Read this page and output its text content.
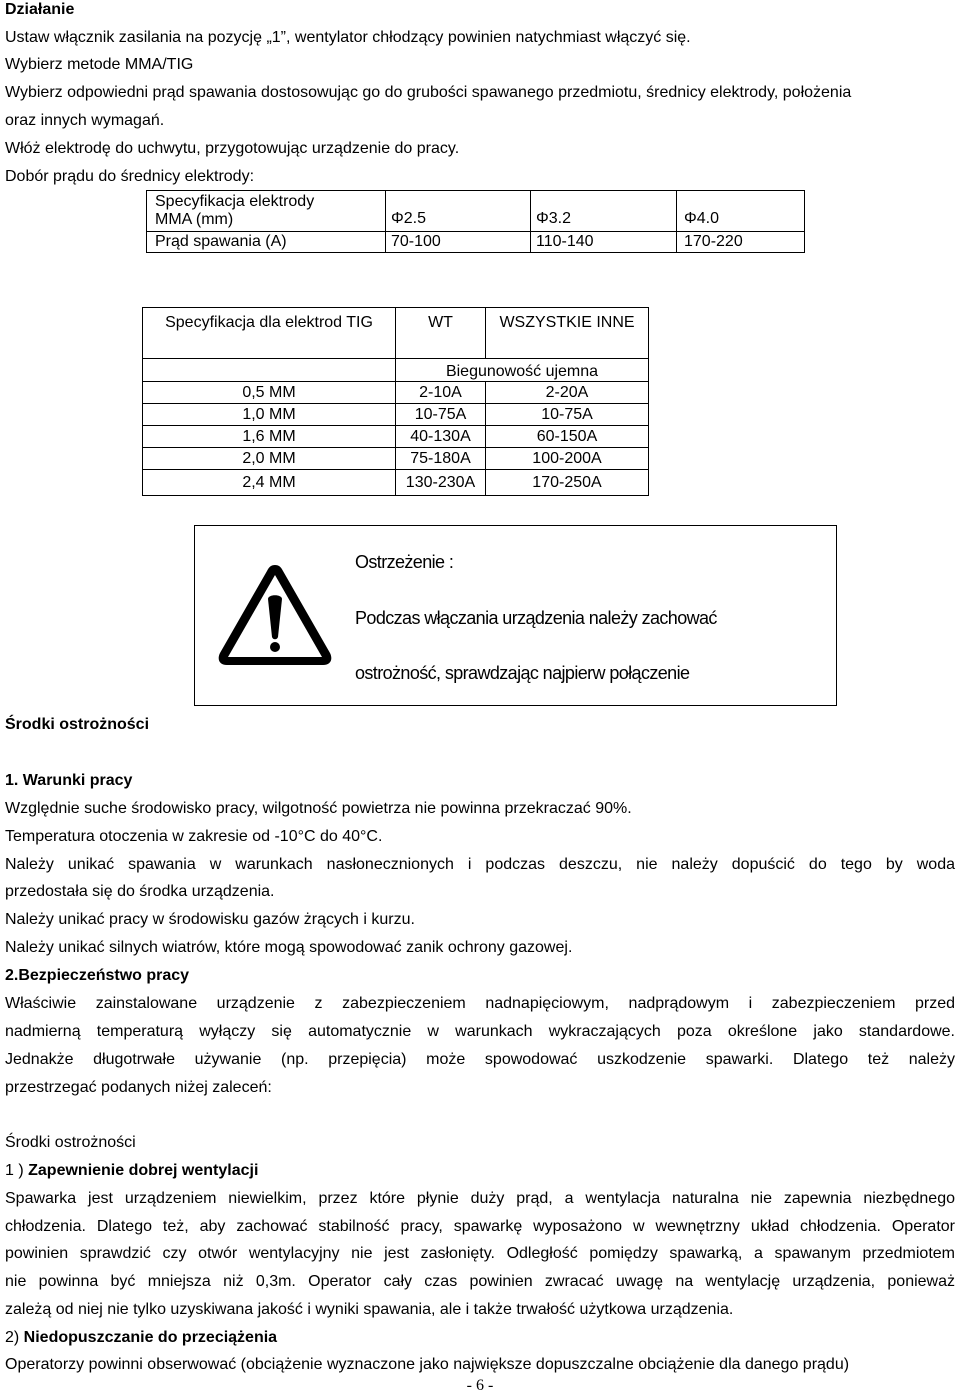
Działanie
Ustaw włącznik zasilania na pozycję „1”, wentylator chłodzący powinien natychmiast włączyć się.
Wybierz metode MMA/TIG
Wybierz odpowiedni prąd spawania dostosowując go do grubości spawanego przedmiotu, średnicy elektrody, położenia
oraz innych wymagań.
Włóż elektrodę do uchwytu, przygotowując urządzenie do pracy.
Dobór prądu do średnicy elektrody:
Specyfikacja elektrody
MMA (mm)	Φ2.5	Φ3.2	Φ4.0
Prąd spawania (A)	70-100	110-140	170-220
Specyfikacja dla elektrod TIG	WT	WSZYSTKIE INNE
	Biegunowość ujemna	
0,5 MM	2-10A	2-20A
1,0 MM	10-75A	10-75A
1,6 MM	40-130A	60-150A
2,0 MM	75-180A	100-200A
2,4 MM	130-230A	170-250A
Ostrzeżenie :
Podczas włączania urządzenia należy zachować
ostrożność, sprawdzając najpierw połączenie
Środki ostrożności
1. Warunki pracy
Względnie suche środowisko pracy, wilgotność powietrza nie powinna przekraczać 90%.
Temperatura otoczenia w zakresie od -10°C do 40°C.
Należy unikać spawania w warunkach nasłonecznionych i podczas deszczu, nie należy dopuścić do tego by woda
przedostała się do środka urządzenia.
Należy unikać pracy w środowisku gazów żrących i kurzu.
Należy unikać silnych wiatrów, które mogą spowodować zanik ochrony gazowej.
2.Bezpieczeństwo pracy
Właściwie zainstalowane urządzenie z zabezpieczeniem nadnapięciowym, nadprądowym i zabezpieczeniem przed
nadmierną temperaturą wyłączy się automatycznie w warunkach wykraczających poza określone jako standardowe.
Jednakże długotrwałe używanie (np. przepięcia) może spowodować uszkodzenie spawarki. Dlatego też należy
przestrzegać podanych niżej zaleceń:
Środki ostrożności
1 ) Zapewnienie dobrej wentylacji
Spawarka jest urządzeniem niewielkim, przez które płynie duży prąd, a wentylacja naturalna nie zapewnia niezbędnego
chłodzenia. Dlatego też, aby zachować stabilność pracy, spawarkę wyposażono w wewnętrzny układ chłodzenia. Operator
powinien sprawdzić czy otwór wentylacyjny nie jest zasłonięty. Odległość pomiędzy spawarką, a spawanym przedmiotem
nie powinna być mniejsza niż 0,3m. Operator cały czas powinien zwracać uwagę na wentylację urządzenia, ponieważ
zależą od niej nie tylko uzyskiwana jakość i wyniki spawania, ale i także trwałość użytkowa urządzenia.
2) Niedopuszczanie do przeciążenia
Operatorzy powinni obserwować (obciążenie wyznaczone jako największe dopuszczalne obciążenie dla danego prądu)
- 6 -
